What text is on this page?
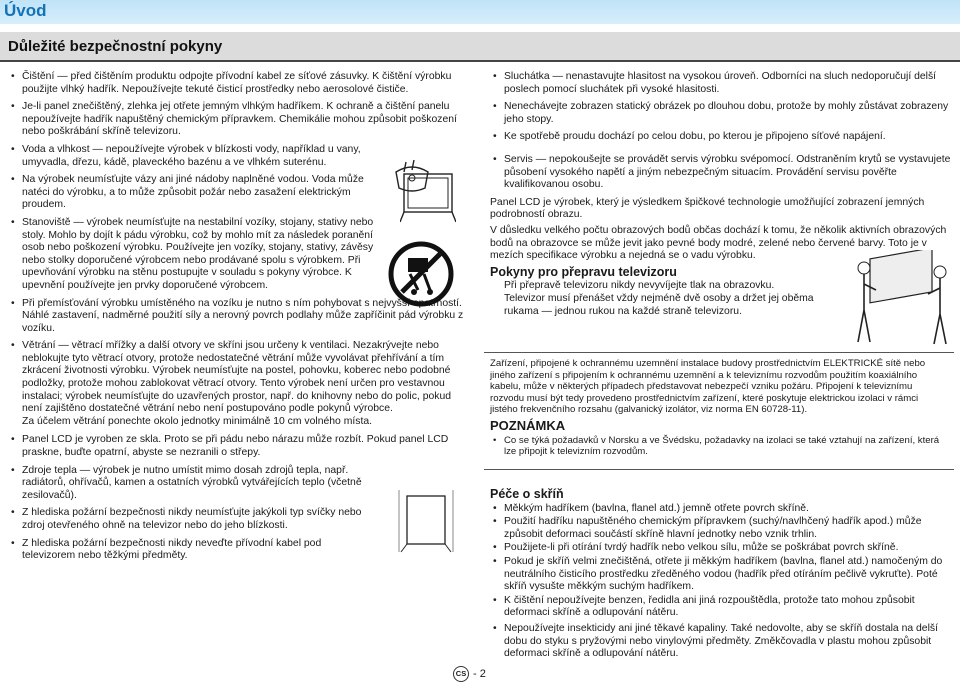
Úvod
Důležité bezpečnostní pokyny
• Čištění — před čištěním produktu odpojte přívodní kabel ze síťové zásuvky. K čištění výrobku použijte vlhký hadřík. Nepoužívejte tekuté čisticí prostředky nebo aerosolové čističe.
• Je-li panel znečištěný, zlehka jej otřete jemným vlhkým hadříkem. K ochraně a čištění panelu nepoužívejte hadřík napuštěný chemickým přípravkem. Chemikálie mohou způsobit poškození nebo poškrábání skříně televizoru.
• Voda a vlhkost — nepoužívejte výrobek v blízkosti vody, například u vany, umyvadla, dřezu, kádě, plaveckého bazénu a ve vlhkém suterénu.
• Na výrobek neumísťujte vázy ani jiné nádoby naplněné vodou. Voda může natéci do výrobku, a to může způsobit požár nebo zasažení elektrickým proudem.
• Stanoviště — výrobek neumísťujte na nestabilní vozíky, stojany, stativy nebo stoly. Mohlo by dojít k pádu výrobku, což by mohlo mít za následek poranění osob nebo poškození výrobku. Používejte jen vozíky, stojany, stativy, závěsy nebo stolky doporučené výrobcem nebo prodávané spolu s výrobkem. Při upevňování výrobku na stěnu postupujte v souladu s pokyny výrobce. K upevnění používejte jen prvky doporučené výrobcem.
• Při přemísťování výrobku umístěného na vozíku je nutno s ním pohybovat s nejvyšší opatrností. Náhlé zastavení, nadměrné použití síly a nerovný povrch podlahy může zapříčinit pád výrobku z vozíku.
• Větrání — větrací mřížky a další otvory ve skříni jsou určeny k ventilaci. Nezakrývejte nebo neblokujte tyto větrací otvory, protože nedostatečné větrání může vyvolávat přehřívání a tím zkrácení životnosti výrobku. Výrobek neumísťujte na postel, pohovku, koberec nebo podobné podložky, protože mohou zablokovat větrací otvory. Tento výrobek není určen pro vestavnou instalaci; výrobek neumísťujte do uzavřených prostor, např. do knihovny nebo do polic, pokud není zajištěno dostatečné větrání nebo není postupováno podle pokynů výrobce.

Za účelem větrání ponechte okolo jednotky minimálně 10 cm volného místa.

• Panel LCD je vyroben ze skla. Proto se při pádu nebo nárazu může rozbít. Pokud panel LCD praskne, buďte opatrní, abyste se nezranili o střepy.
• Zdroje tepla — výrobek je nutno umístit mimo dosah zdrojů tepla, např. radiátorů, ohřívačů, kamen a ostatních výrobků vytvářejících teplo (včetně zesilovačů).
• Z hlediska požární bezpečnosti nikdy neumísťujte jakýkoli typ svíčky nebo zdroj otevřeného ohně na televizor nebo do jeho blízkosti.
• Z hlediska požární bezpečnosti nikdy neveďte přívodní kabel pod televizorem nebo těžkými předměty.
• Sluchátka — nenastavujte hlasitost na vysokou úroveň. Odborníci na sluch nedoporučují delší poslech pomocí sluchátek při vysoké hlasitosti.
• Nenechávejte zobrazen statický obrázek po dlouhou dobu, protože by mohly zůstávat zobrazeny jeho stopy.
• Ke spotřebě proudu dochází po celou dobu, po kterou je připojeno síťové napájení.
• Servis — nepokoušejte se provádět servis výrobku svépomocí. Odstraněním krytů se vystavujete působení vysokého napětí a jiným nebezpečným situacím. Provádění servisu pověřte kvalifikovanou osobu.

Panel LCD je výrobek, který je výsledkem špičkové technologie umožňující zobrazení jemných podrobností obrazu.

V důsledku velkého počtu obrazových bodů občas dochází k tomu, že několik aktivních obrazových bodů na obrazovce se může jevit jako pevné body modré, zelené nebo červené barvy. Toto je v mezích specifikace výrobku a nejedná se o vadu výrobku.

Pokyny pro přepravu televizoru

Při přepravě televizoru nikdy nevyvíjejte tlak na obrazovku.

Televizor musí přenášet vždy nejméně dvě osoby a držet jej oběma rukama — jednou rukou na každé straně televizoru.

Zařízení, připojené k ochrannému uzemnění instalace budovy prostřednictvím ELEKTRICKÉ sítě nebo jiného zařízení s připojením k ochrannému uzemnění a k televiznímu rozvodům použitím koaxiálního kabelu, může v některých případech představovat nebezpečí vzniku požáru. Připojení k televiznímu rozvodu musí být tedy provedeno prostřednictvím zařízení, které poskytuje elektrickou izolaci v rámci jistého frekvenčního rozsahu (galvanický izolátor, viz norma EN 60728-11).

POZNÁMKA
• Co se týká požadavků v Norsku a ve Švédsku, požadavky na izolaci se také vztahují na zařízení, která lze připojit k televizním rozvodům.
Péče o skříň
• Měkkým hadříkem (bavlna, flanel atd.) jemně otřete povrch skříně.
• Použití hadříku napuštěného chemickým přípravkem (suchý/navlhčený hadřík apod.) může způsobit deformaci součástí skříně hlavní jednotky nebo vznik trhlin.
• Použijete-li při otírání tvrdý hadřík nebo velkou sílu, může se poškrábat povrch skříně.
• Pokud je skříň velmi znečištěná, otřete ji měkkým hadříkem (bavlna, flanel atd.) namočeným do neutrálního čisticího prostředku zředěného vodou (hadřík před otíráním pečlivě vykruťte). Poté skříň vysušte měkkým suchým hadříkem.
• K čištění nepoužívejte benzen, ředidla ani jiná rozpouštědla, protože tato mohou způsobit deformaci skříně a odlupování nátěru.
• Nepoužívejte insekticidy ani jiné těkavé kapaliny. Také nedovolte, aby se skříň dostala na delší dobu do styku s pryžovými nebo vinylovými předměty. Změkčovadla v plastu mohou způsobit deformaci skříně a odlupování nátěru.
CS - 2
